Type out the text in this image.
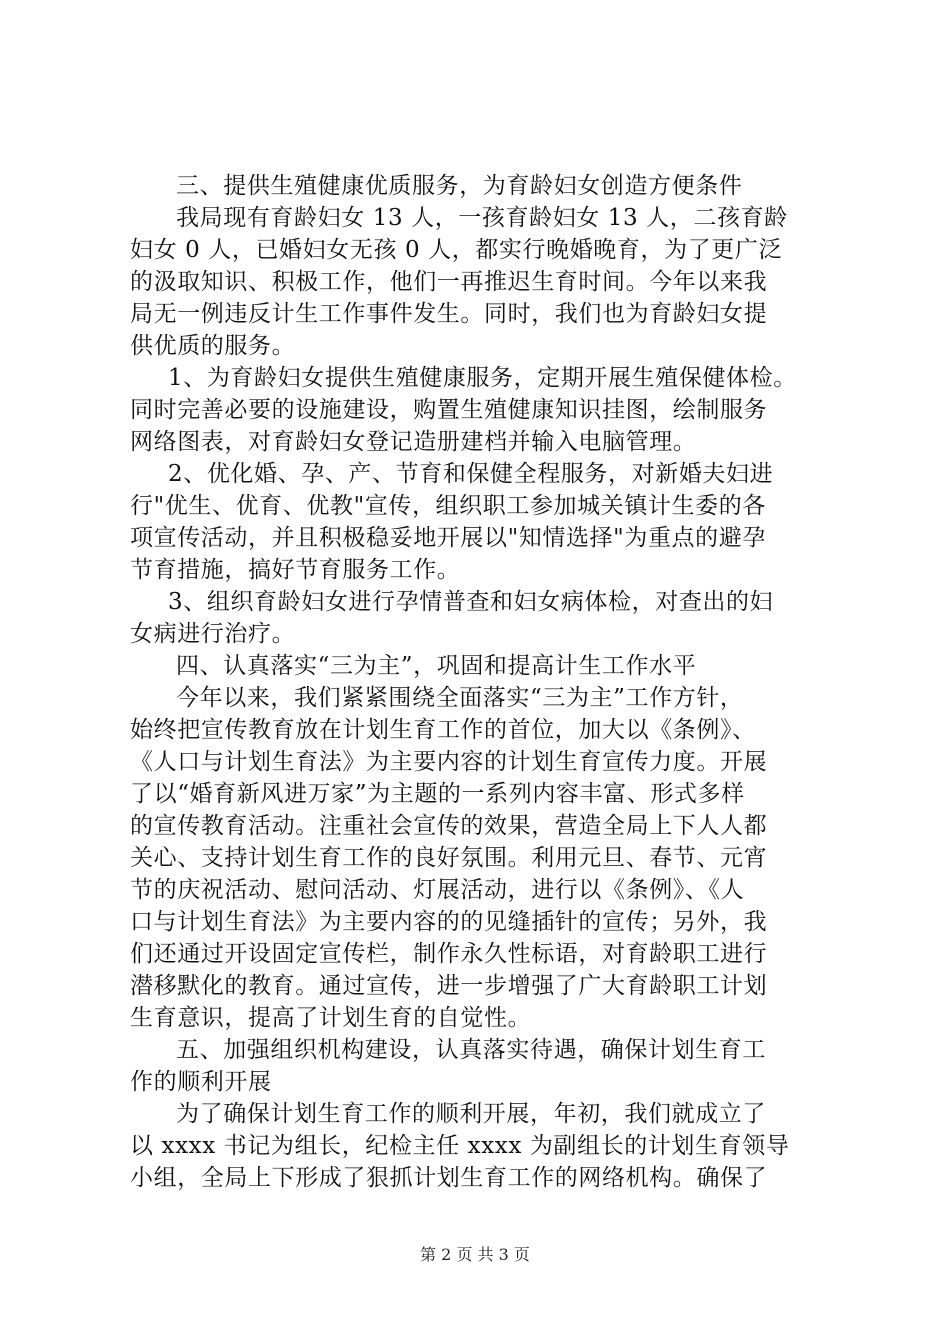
三、提供生殖健康优质服务，为育龄妇女创造方便条件
我局现有育龄妇女 13 人，一孩育龄妇女 13 人，二孩育龄
妇女 0 人，已婚妇女无孩 0 人，都实行晚婚晚育，为了更广泛
的汲取知识、积极工作，他们一再推迟生育时间。今年以来我
局无一例违反计生工作事件发生。同时，我们也为育龄妇女提
供优质的服务。
1、为育龄妇女提供生殖健康服务，定期开展生殖保健体检。
同时完善必要的设施建设，购置生殖健康知识挂图，绘制服务
网络图表，对育龄妇女登记造册建档并输入电脑管理。
2、优化婚、孕、产、节育和保健全程服务，对新婚夫妇进
行"优生、优育、优教"宣传，组织职工参加城关镇计生委的各
项宣传活动，并且积极稳妥地开展以"知情选择"为重点的避孕
节育措施，搞好节育服务工作。
3、组织育龄妇女进行孕情普查和妇女病体检，对查出的妇
女病进行治疗。
四、认真落实“三为主”，巩固和提高计生工作水平
今年以来，我们紧紧围绕全面落实“三为主”工作方针，
始终把宣传教育放在计划生育工作的首位，加大以《条例》、
《人口与计划生育法》为主要内容的计划生育宣传力度。开展
了以“婚育新风进万家”为主题的一系列内容丰富、形式多样
的宣传教育活动。注重社会宣传的效果，营造全局上下人人都
关心、支持计划生育工作的良好氛围。利用元旦、春节、元宵
节的庆祝活动、慰问活动、灯展活动，进行以《条例》、《人
口与计划生育法》为主要内容的的见缝插针的宣传；另外，我
们还通过开设固定宣传栏，制作永久性标语，对育龄职工进行
潜移默化的教育。通过宣传，进一步增强了广大育龄职工计划
生育意识，提高了计划生育的自觉性。
五、加强组织机构建设，认真落实待遇，确保计划生育工
作的顺利开展
为了确保计划生育工作的顺利开展，年初，我们就成立了
以 xxxx 书记为组长，纪检主任 xxxx 为副组长的计划生育领导
小组，全局上下形成了狠抓计划生育工作的网络机构。确保了
第 2 页 共 3 页
